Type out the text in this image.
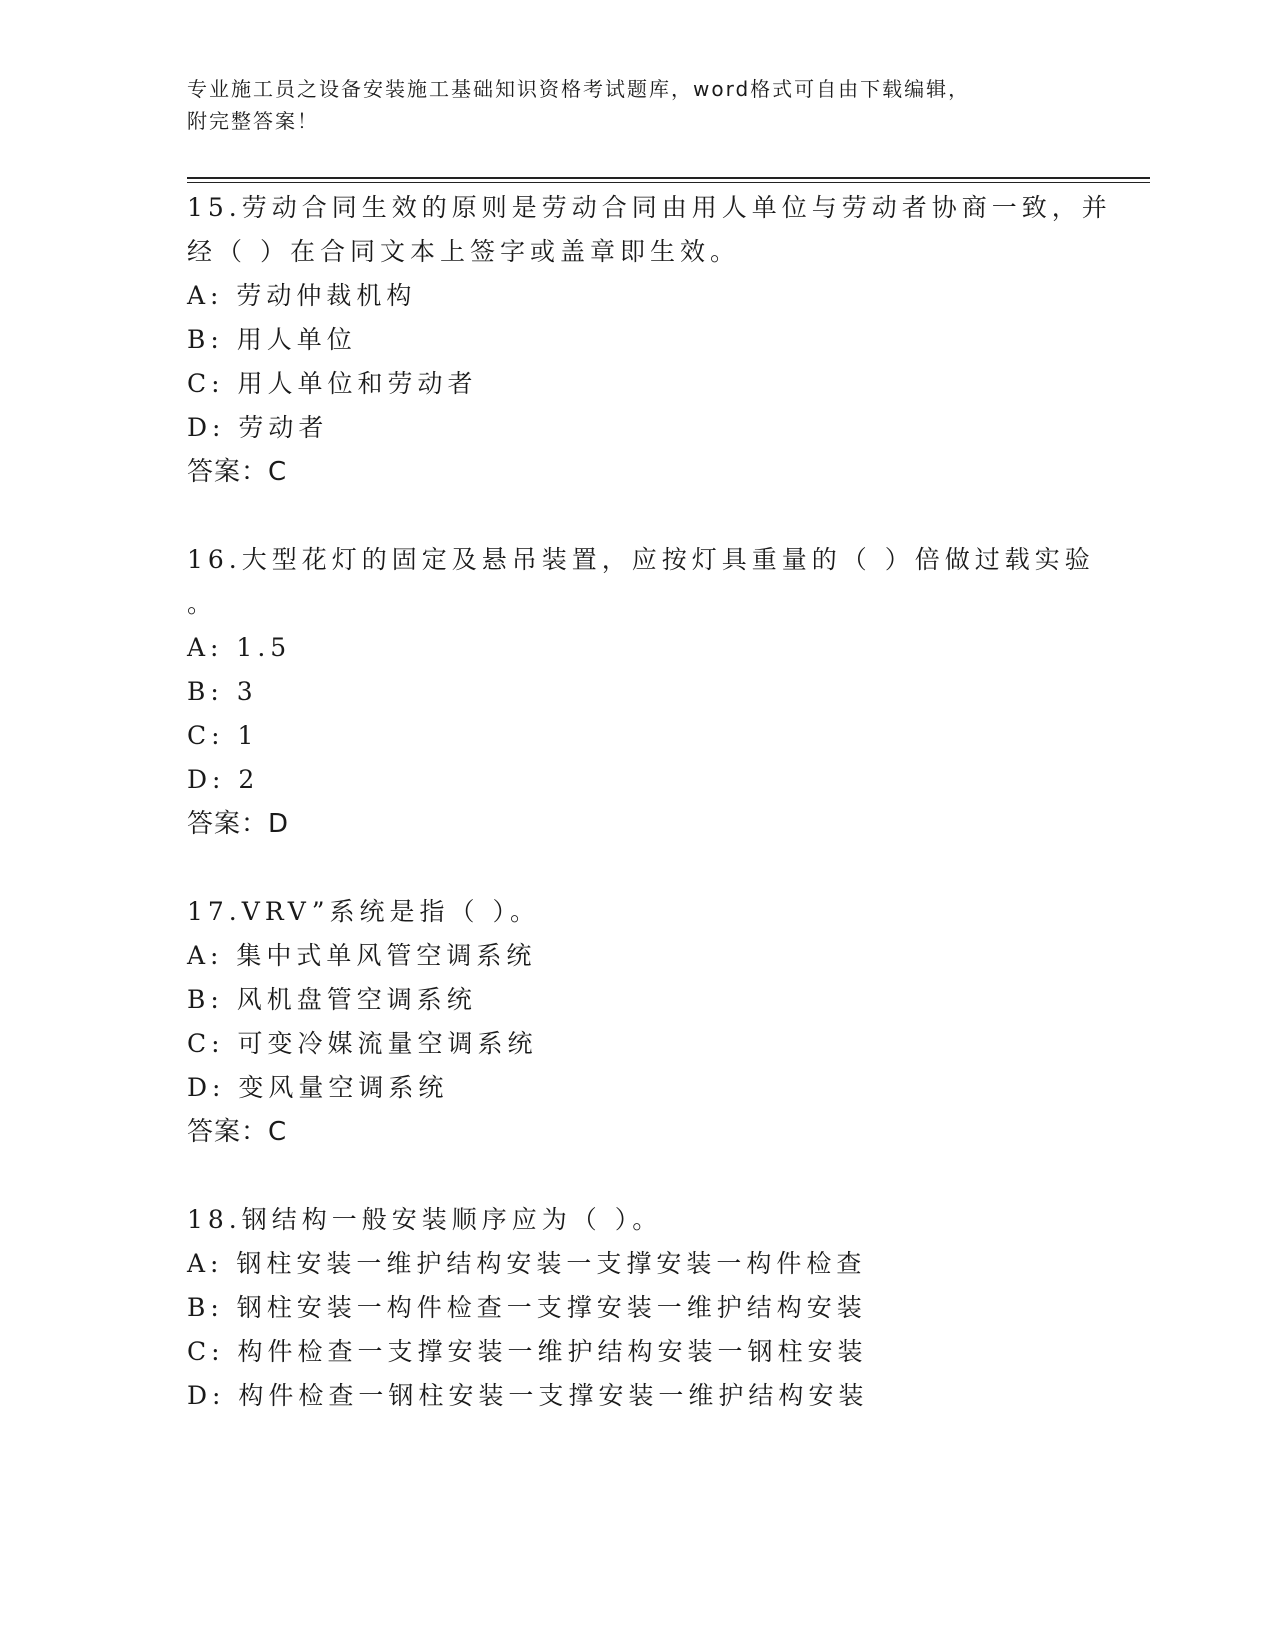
专业施工员之设备安装施工基础知识资格考试题库，word格式可自由下载编辑，
附完整答案！
15.劳动合同生效的原则是劳动合同由用人单位与劳动者协商一致，并
经（ ）在合同文本上签字或盖章即生效。
A: 劳动仲裁机构
B: 用人单位
C: 用人单位和劳动者
D: 劳动者
答案：C
16.大型花灯的固定及悬吊装置，应按灯具重量的（ ）倍做过载实验
。
A: 1.5
B: 3
C: 1
D: 2
答案：D
17.VRV”系统是指（ ）。
A: 集中式单风管空调系统
B: 风机盘管空调系统
C: 可变冷媒流量空调系统
D: 变风量空调系统
答案：C
18.钢结构一般安装顺序应为（ ）。
A: 钢柱安装一维护结构安装一支撑安装一构件检查
B: 钢柱安装一构件检查一支撑安装一维护结构安装
C: 构件检查一支撑安装一维护结构安装一钢柱安装
D: 构件检查一钢柱安装一支撑安装一维护结构安装
